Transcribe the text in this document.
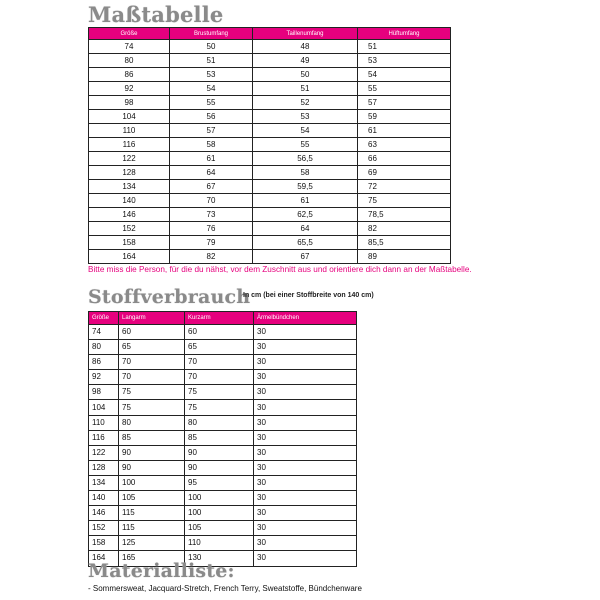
Maßtabelle
Größe	Brustumfang	Taillenumfang	Hüftumfang
74	50	48	51
80	51	49	53
86	53	50	54
92	54	51	55
98	55	52	57
104	56	53	59
110	57	54	61
116	58	55	63
122	61	56,5	66
128	64	58	69
134	67	59,5	72
140	70	61	75
146	73	62,5	78,5
152	76	64	82
158	79	65,5	85,5
164	82	67	89

Bitte miss die Person, für die du nähst, vor dem Zuschnitt aus und orientiere dich dann an der Maßtabelle.

Stoffverbrauch
In cm (bei einer Stoffbreite von 140 cm)
Größe	Langarm	Kurzarm	Ärmelbündchen
74	60	60	30
80	65	65	30
86	70	70	30
92	70	70	30
98	75	75	30
104	75	75	30
110	80	80	30
116	85	85	30
122	90	90	30
128	90	90	30
134	100	95	30
140	105	100	30
146	115	100	30
152	115	105	30
158	125	110	30
164	165	130	30
Materialliste:

- Sommersweat, Jacquard-Stretch, French Terry, Sweatstoffe, Bündchenware
